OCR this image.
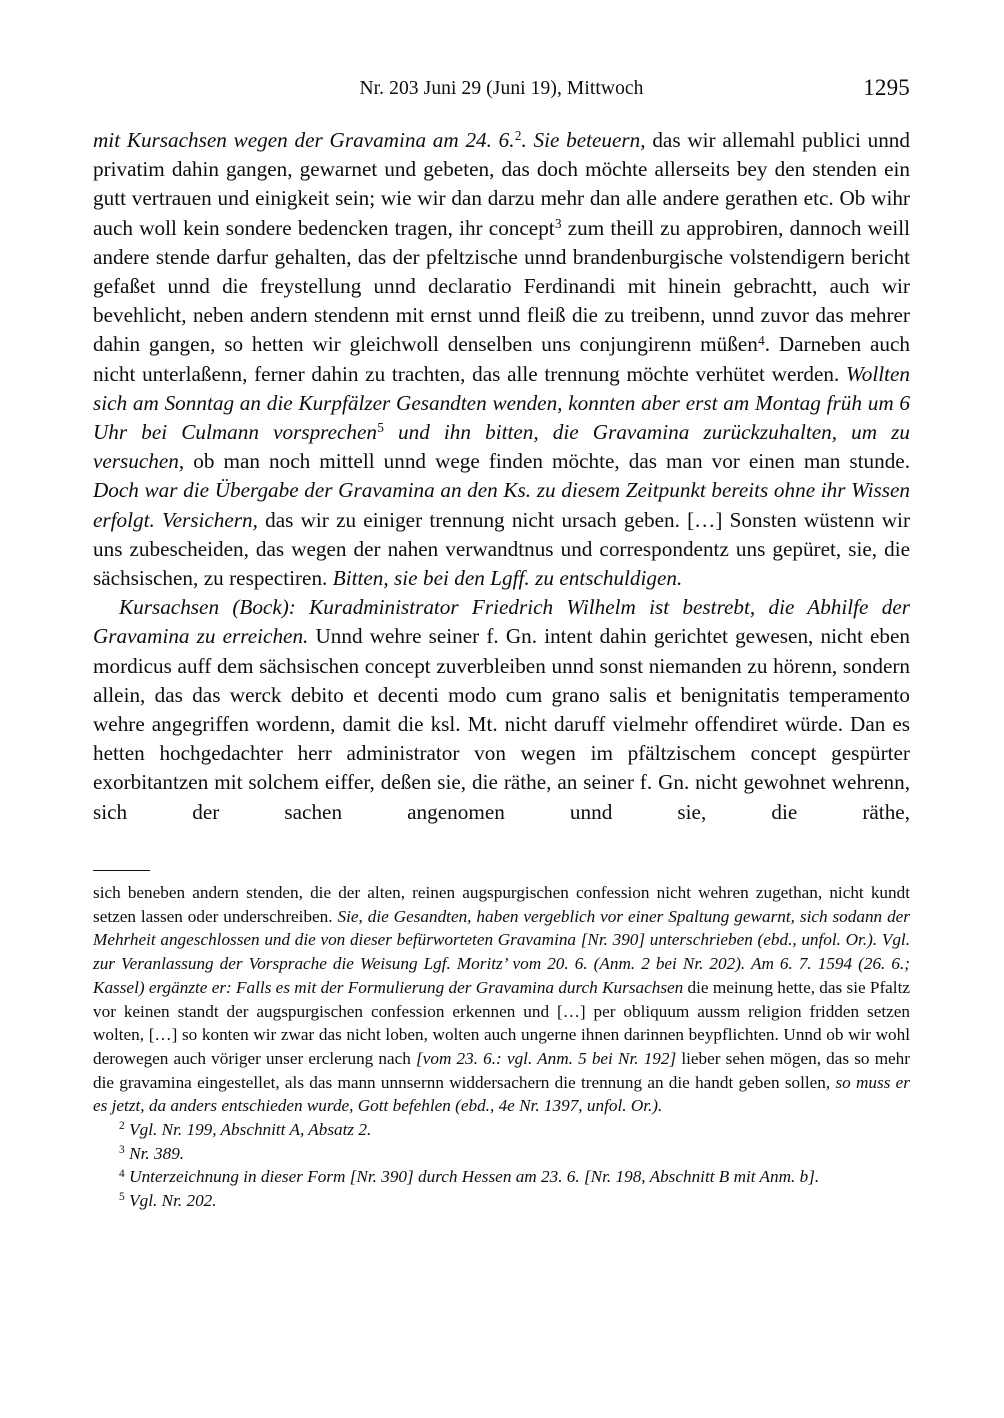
Nr. 203 Juni 29 (Juni 19), Mittwoch	1295

mit Kursachsen wegen der Gravamina am 24. 6.$^2$. Sie beteuern, das wir allemahl publici unnd privatim dahin gangen, gewarnet und gebeten, das doch möchte allerseits bey den stenden ein gutt vertrauen und einigkeit sein; wie wir dan darzu mehr dan alle andere gerathen etc. Ob wihr auch woll kein sondere bedencken tragen, ihr concept$^3$ zum theill zu approbiren, dannoch weill andere stende darfur gehalten, das der pfeltzische unnd brandenburgische volstendigern bericht gefaßet unnd die freystellung unnd declaratio Ferdinandi mit hinein gebrachtt, auch wir bevehlicht, neben andern stendenn mit ernst unnd fleiß die zu treibenn, unnd zuvor das mehrer dahin gangen, so hetten wir gleichwoll denselben uns conjungirenn müßen$^4$. Darneben auch nicht unterlaßenn, ferner dahin zu trachten, das alle trennung möchte verhütet werden. Wollten sich am Sonntag an die Kurpfälzer Gesandten wenden, konnten aber erst am Montag früh um 6 Uhr bei Culmann vorsprechen$^5$ und ihn bitten, die Gravamina zurückzuhalten, um zu versuchen, ob man noch mittell unnd wege finden möchte, das man vor einen man stunde. Doch war die Übergabe der Gravamina an den Ks. zu diesem Zeitpunkt bereits ohne ihr Wissen erfolgt. Versichern, das wir zu einiger trennung nicht ursach geben. […] Sonsten wüstenn wir uns zubescheiden, das wegen der nahen verwandtnus und correspondentz uns gepüret, sie, die sächsischen, zu respectiren. Bitten, sie bei den Lgff. zu entschuldigen.

Kursachsen (Bock): Kuradministrator Friedrich Wilhelm ist bestrebt, die Abhilfe der Gravamina zu erreichen. Unnd wehre seiner f. Gn. intent dahin gerichtet gewesen, nicht eben mordicus auff dem sächsischen concept zuverbleiben unnd sonst niemanden zu hörenn, sondern allein, das das werck debito et decenti modo cum grano salis et benignitatis temperamento wehre angegriffen wordenn, damit die ksl. Mt. nicht daruff vielmehr offendiret würde. Dan es hetten hochgedachter herr administrator von wegen im pfältzischem concept gespürter exorbitantzen mit solchem eiffer, deßen sie, die räthe, an seiner f. Gn. nicht gewohnet wehrenn, sich der sachen angenomen unnd sie, die räthe,

sich beneben andern stenden, die der alten, reinen augspurgischen confession nicht wehren zugethan, nicht kundt setzen lassen oder underschreiben. Sie, die Gesandten, haben vergeblich vor einer Spaltung gewarnt, sich sodann der Mehrheit angeschlossen und die von dieser befürworteten Gravamina [Nr. 390] unterschrieben (ebd., unfol. Or.). Vgl. zur Veranlassung der Vorsprache die Weisung Lgf. Moritz’ vom 20. 6. (Anm. 2 bei Nr. 202). Am 6. 7. 1594 (26. 6.; Kassel) ergänzte er: Falls es mit der Formulierung der Gravamina durch Kursachsen die meinung hette, das sie Pfaltz vor keinen standt der augspurgischen confession erkennen und […] per obliquum aussm religion fridden setzen wolten, […] so konten wir zwar das nicht loben, wolten auch ungerne ihnen darinnen beypflichten. Unnd ob wir wohl derowegen auch vöriger unser erclerung nach [vom 23. 6.: vgl. Anm. 5 bei Nr. 192] lieber sehen mögen, das so mehr die gravamina eingestellet, als das mann unnsernn widdersachern die trennung an die handt geben sollen, so muss er es jetzt, da anders entschieden wurde, Gott befehlen (ebd., 4e Nr. 1397, unfol. Or.).

$^2$ Vgl. Nr. 199, Abschnitt A, Absatz 2.

$^3$ Nr. 389.

$^4$ Unterzeichnung in dieser Form [Nr. 390] durch Hessen am 23. 6. [Nr. 198, Abschnitt B mit Anm. b].

$^5$ Vgl. Nr. 202.
